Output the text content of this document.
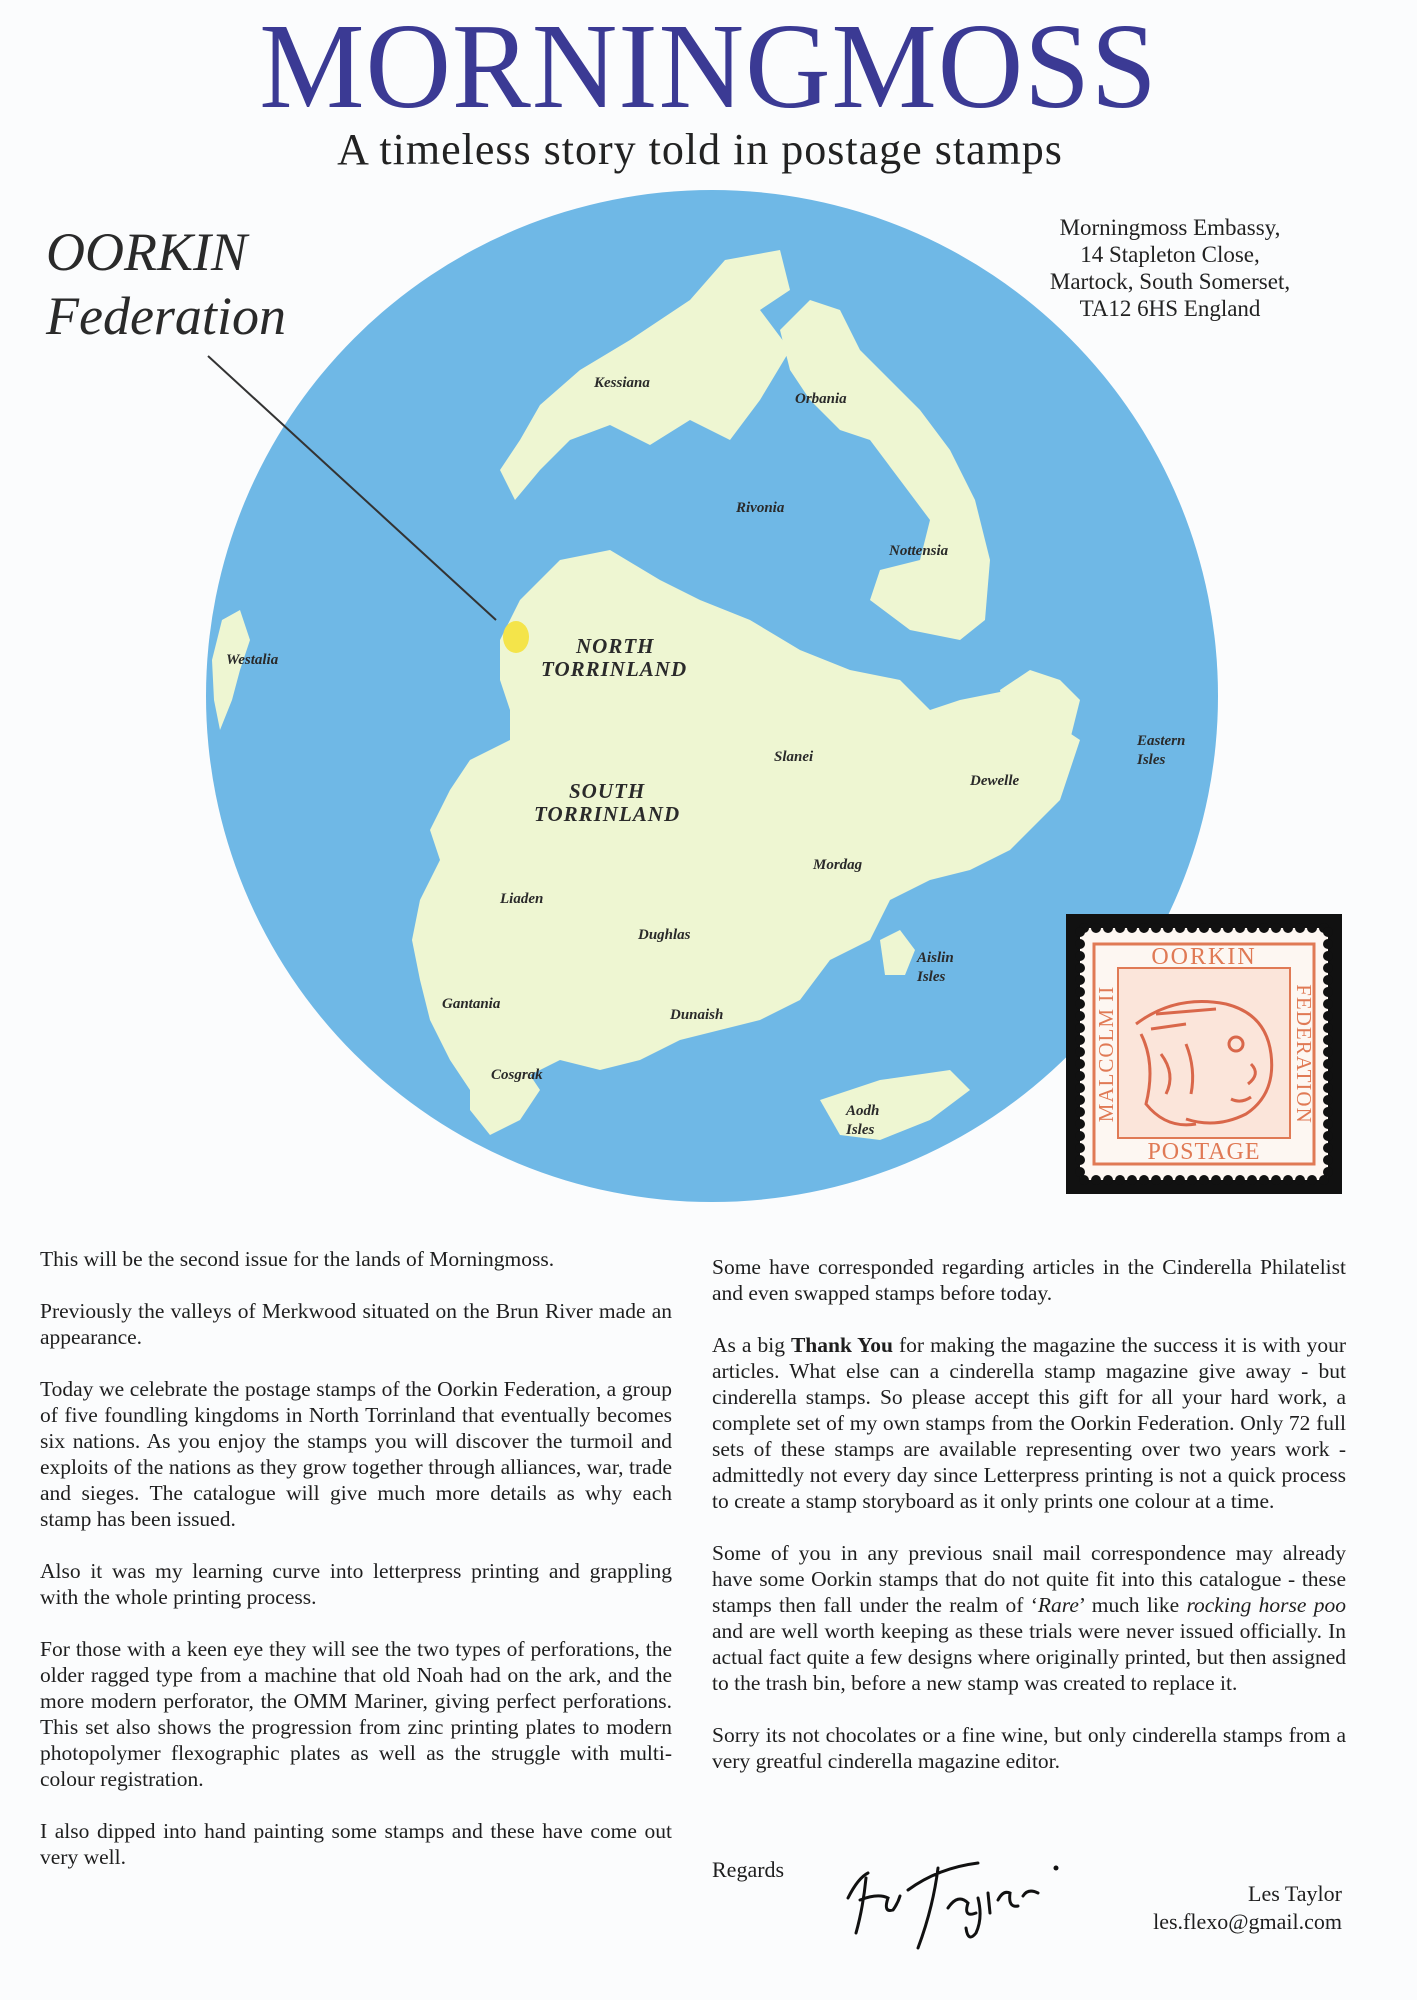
MORNINGMOSS
A timeless story told in postage stamps
Kessiana
Orbania
Rivonia
Nottensia
Westalia
NORTH
TORRINLAND
SOUTH
TORRINLAND
Slanei
Dewelle
Eastern
Isles
Mordag
Liaden
Dughlas
Aislin
Isles
Gantania
Dunaish
Cosgrak
Aodh
Isles
OORKIN
Federation
Morningmoss Embassy,
14 Stapleton Close,
Martock, South Somerset,
TA12 6HS England
OORKIN
POSTAGE
MALCOLM II	FEDERATION

This will be the second issue for the lands of Morningmoss.

Previously the valleys of Merkwood situated on the Brun River made an appearance.

Today we celebrate the postage stamps of the Oorkin Federation, a group of five foundling kingdoms in North Torrinland that eventually becomes six nations. As you enjoy the stamps you will discover the turmoil and exploits of the nations as they grow together through alliances, war, trade and sieges. The catalogue will give much more details as why each stamp has been issued.

Also it was my learning curve into letterpress printing and grappling with the whole printing process.

For those with a keen eye they will see the two types of perforations, the older ragged type from a machine that old Noah had on the ark, and the more modern perforator, the OMM Mariner, giving perfect perforations. This set also shows the progression from zinc printing plates to modern photopolymer flexographic plates as well as the struggle with multi-colour registration.

I also dipped into hand painting some stamps and these have come out very well.

Some have corresponded regarding articles in the Cinderella Philatelist and even swapped stamps before today.

As a big Thank You for making the magazine the success it is with your articles. What else can a cinderella stamp magazine give away - but cinderella stamps. So please accept this gift for all your hard work, a complete set of my own stamps from the Oorkin Federation. Only 72 full sets of these stamps are available representing over two years work - admittedly not every day since Letterpress printing is not a quick process to create a stamp storyboard as it only prints one colour at a time.

Some of you in any previous snail mail correspondence may already have some Oorkin stamps that do not quite fit into this catalogue - these stamps then fall under the realm of ‘Rare’ much like rocking horse poo and are well worth keeping as these trials were never issued officially. In actual fact quite a few designs where originally printed, but then assigned to the trash bin, before a new stamp was created to replace it.

Sorry its not chocolates or a fine wine, but only cinderella stamps from a very greatful cinderella magazine editor.

Regards
Les Taylor
les.flexo@gmail.com
